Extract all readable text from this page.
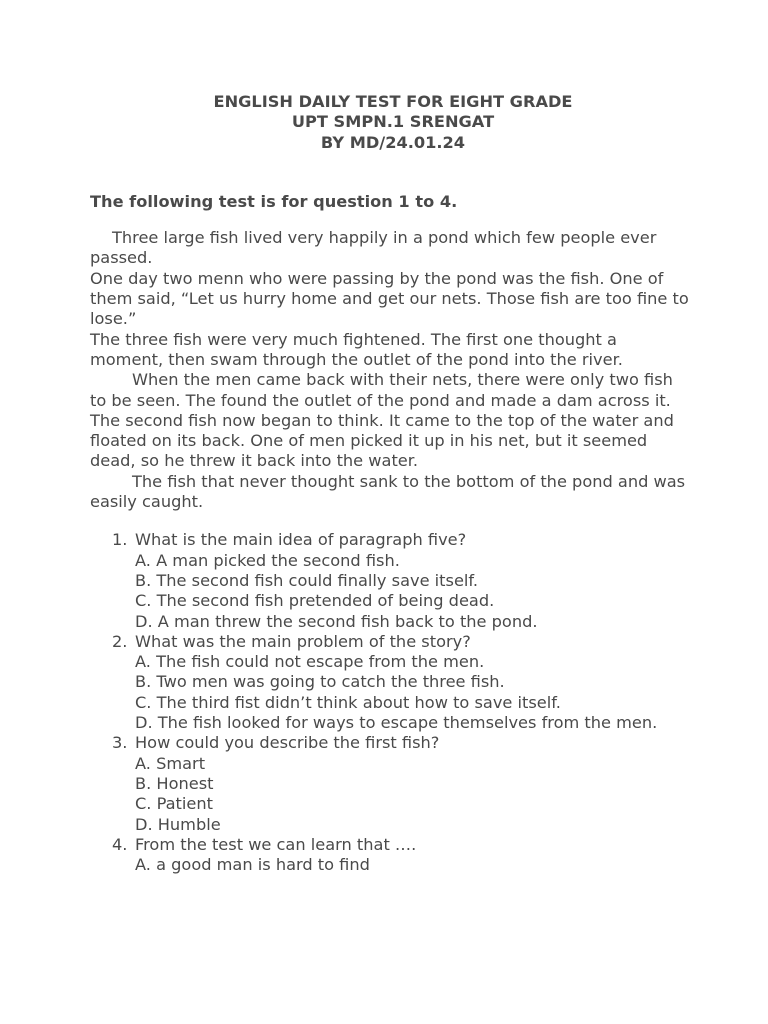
ENGLISH DAILY TEST FOR EIGHT GRADE
UPT SMPN.1 SRENGAT
BY MD/24.01.24
The following test is for question 1 to 4.

Three large fish lived very happily in a pond which few people ever passed.

One day two menn who were passing by the pond was the fish. One of them said, “Let us hurry home and get our nets. Those fish are too fine to lose.”

The three fish were very much fightened. The first one thought a moment, then swam through the outlet of the pond into the river.

When the men came back with their nets, there were only two fish to be seen. The found the outlet of the pond and made a dam across it.

The second fish now began to think. It came to the top of the water and floated on its back. One of men picked it up in his net, but it seemed dead, so he threw it back into the water.

The fish that never thought sank to the bottom of the pond and was easily caught.

1. What is the main idea of paragraph five?
A. A man picked the second fish.
B. The second fish could finally save itself.
C. The second fish pretended of being dead.
D. A man threw the second fish back to the pond.
2. What was the main problem of the story?
A. The fish could not escape from the men.
B. Two men was going to catch the three fish.
C. The third fist didn’t think about how to save itself.
D. The fish looked for ways to escape themselves from the men.
3. How could you describe the first fish?
A. Smart
B. Honest
C. Patient
D. Humble
4. From the test we can learn that ….
A. a good man is hard to find
